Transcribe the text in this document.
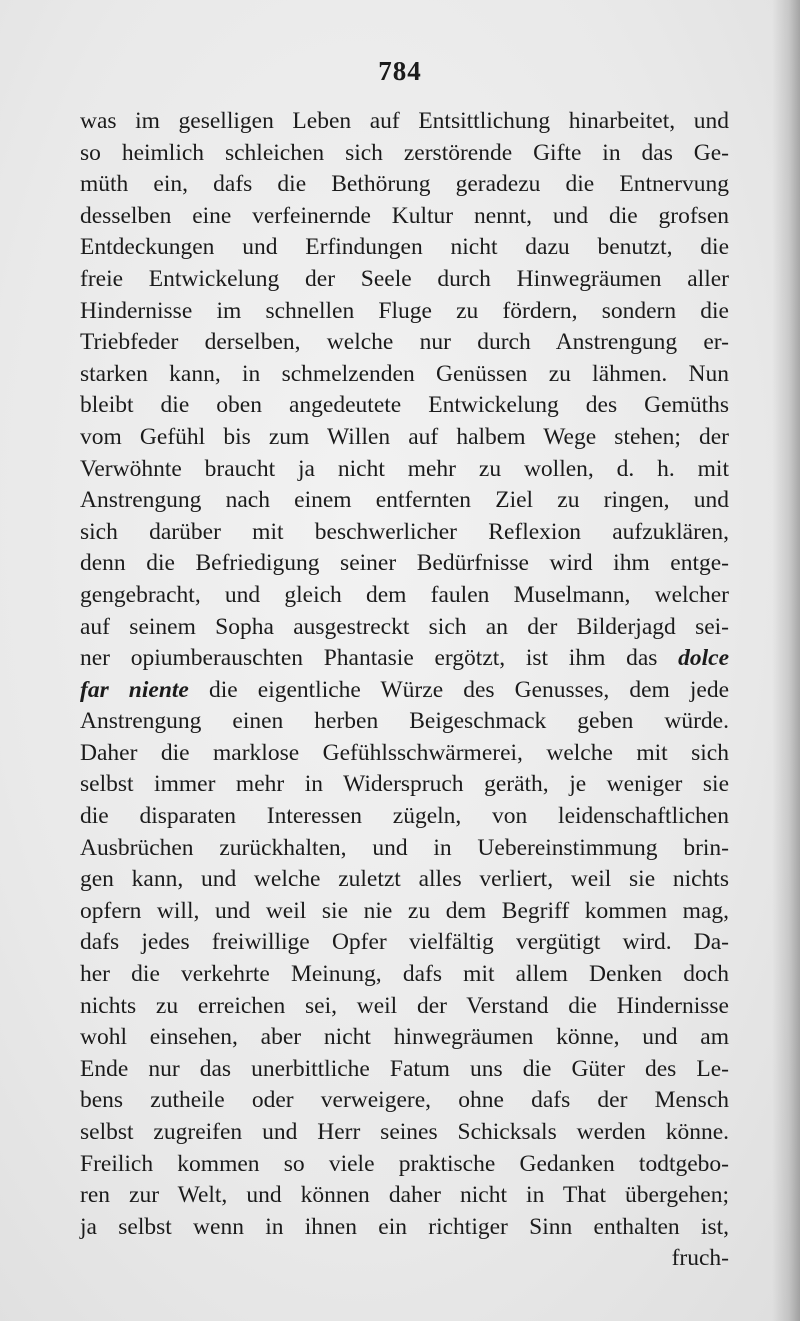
784
was im geselligen Leben auf Entsittlichung hinarbeitet, und
so heimlich schleichen sich zerstörende Gifte in das Ge-
müth ein, dafs die Bethörung geradezu die Entnervung
desselben eine verfeinernde Kultur nennt, und die grofsen
Entdeckungen und Erfindungen nicht dazu benutzt, die
freie Entwickelung der Seele durch Hinwegräumen aller
Hindernisse im schnellen Fluge zu fördern, sondern die
Triebfeder derselben, welche nur durch Anstrengung er-
starken kann, in schmelzenden Genüssen zu lähmen. Nun
bleibt die oben angedeutete Entwickelung des Gemüths
vom Gefühl bis zum Willen auf halbem Wege stehen; der
Verwöhnte braucht ja nicht mehr zu wollen, d. h. mit
Anstrengung nach einem entfernten Ziel zu ringen, und
sich darüber mit beschwerlicher Reflexion aufzuklären,
denn die Befriedigung seiner Bedürfnisse wird ihm entge-
gengebracht, und gleich dem faulen Muselmann, welcher
auf seinem Sopha ausgestreckt sich an der Bilderjagd sei-
ner opiumberauschten Phantasie ergötzt, ist ihm das dolce
far niente die eigentliche Würze des Genusses, dem jede
Anstrengung einen herben Beigeschmack geben würde.
Daher die marklose Gefühlsschwärmerei, welche mit sich
selbst immer mehr in Widerspruch geräth, je weniger sie
die disparaten Interessen zügeln, von leidenschaftlichen
Ausbrüchen zurückhalten, und in Uebereinstimmung brin-
gen kann, und welche zuletzt alles verliert, weil sie nichts
opfern will, und weil sie nie zu dem Begriff kommen mag,
dafs jedes freiwillige Opfer vielfältig vergütigt wird. Da-
her die verkehrte Meinung, dafs mit allem Denken doch
nichts zu erreichen sei, weil der Verstand die Hindernisse
wohl einsehen, aber nicht hinwegräumen könne, und am
Ende nur das unerbittliche Fatum uns die Güter des Le-
bens zutheile oder verweigere, ohne dafs der Mensch
selbst zugreifen und Herr seines Schicksals werden könne.
Freilich kommen so viele praktische Gedanken todtgebo-
ren zur Welt, und können daher nicht in That übergehen;
ja selbst wenn in ihnen ein richtiger Sinn enthalten ist,
fruch-
